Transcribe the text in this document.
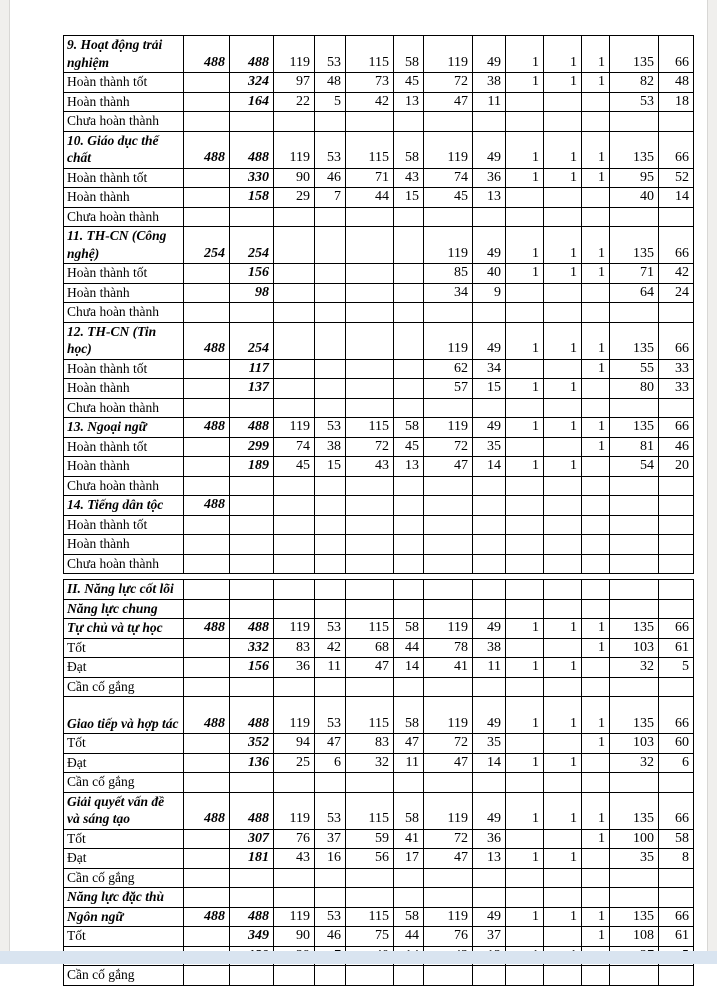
9. Hoạt động trải nghiệm	488	488	119	53	115	58	119	49	1	1	1	135	66
Hoàn thành tốt		324	97	48	73	45	72	38	1	1	1	82	48
Hoàn thành		164	22	5	42	13	47	11				53	18
Chưa hoàn thành													
10. Giáo dục thể chất	488	488	119	53	115	58	119	49	1	1	1	135	66
Hoàn thành tốt		330	90	46	71	43	74	36	1	1	1	95	52
Hoàn thành		158	29	7	44	15	45	13				40	14
Chưa hoàn thành													
11. TH-CN (Công nghệ)	254	254					119	49	1	1	1	135	66
Hoàn thành tốt		156					85	40	1	1	1	71	42
Hoàn thành		98					34	9				64	24
Chưa hoàn thành													
12. TH-CN (Tin học)	488	254					119	49	1	1	1	135	66
Hoàn thành tốt		117					62	34			1	55	33
Hoàn thành		137					57	15	1	1		80	33
Chưa hoàn thành													
13. Ngoại ngữ	488	488	119	53	115	58	119	49	1	1	1	135	66
Hoàn thành tốt		299	74	38	72	45	72	35			1	81	46
Hoàn thành		189	45	15	43	13	47	14	1	1		54	20
Chưa hoàn thành													
14. Tiếng dân tộc	488												
Hoàn thành tốt													
Hoàn thành													
Chưa hoàn thành													
II. Năng lực cốt lõi													
Năng lực chung													
Tự chủ và tự học	488	488	119	53	115	58	119	49	1	1	1	135	66
Tốt		332	83	42	68	44	78	38			1	103	61
Đạt		156	36	11	47	14	41	11	1	1		32	5
Cần cố gắng													
Giao tiếp và hợp tác	488	488	119	53	115	58	119	49	1	1	1	135	66
Tốt		352	94	47	83	47	72	35			1	103	60
Đạt		136	25	6	32	11	47	14	1	1		32	6
Cần cố gắng													
Giải quyết vấn đề và sáng tạo	488	488	119	53	115	58	119	49	1	1	1	135	66
Tốt		307	76	37	59	41	72	36			1	100	58
Đạt		181	43	16	56	17	47	13	1	1		35	8
Cần cố gắng													
Năng lực đặc thù													
Ngôn ngữ	488	488	119	53	115	58	119	49	1	1	1	135	66
Tốt		349	90	46	75	44	76	37			1	108	61

Cần cố gắng													
